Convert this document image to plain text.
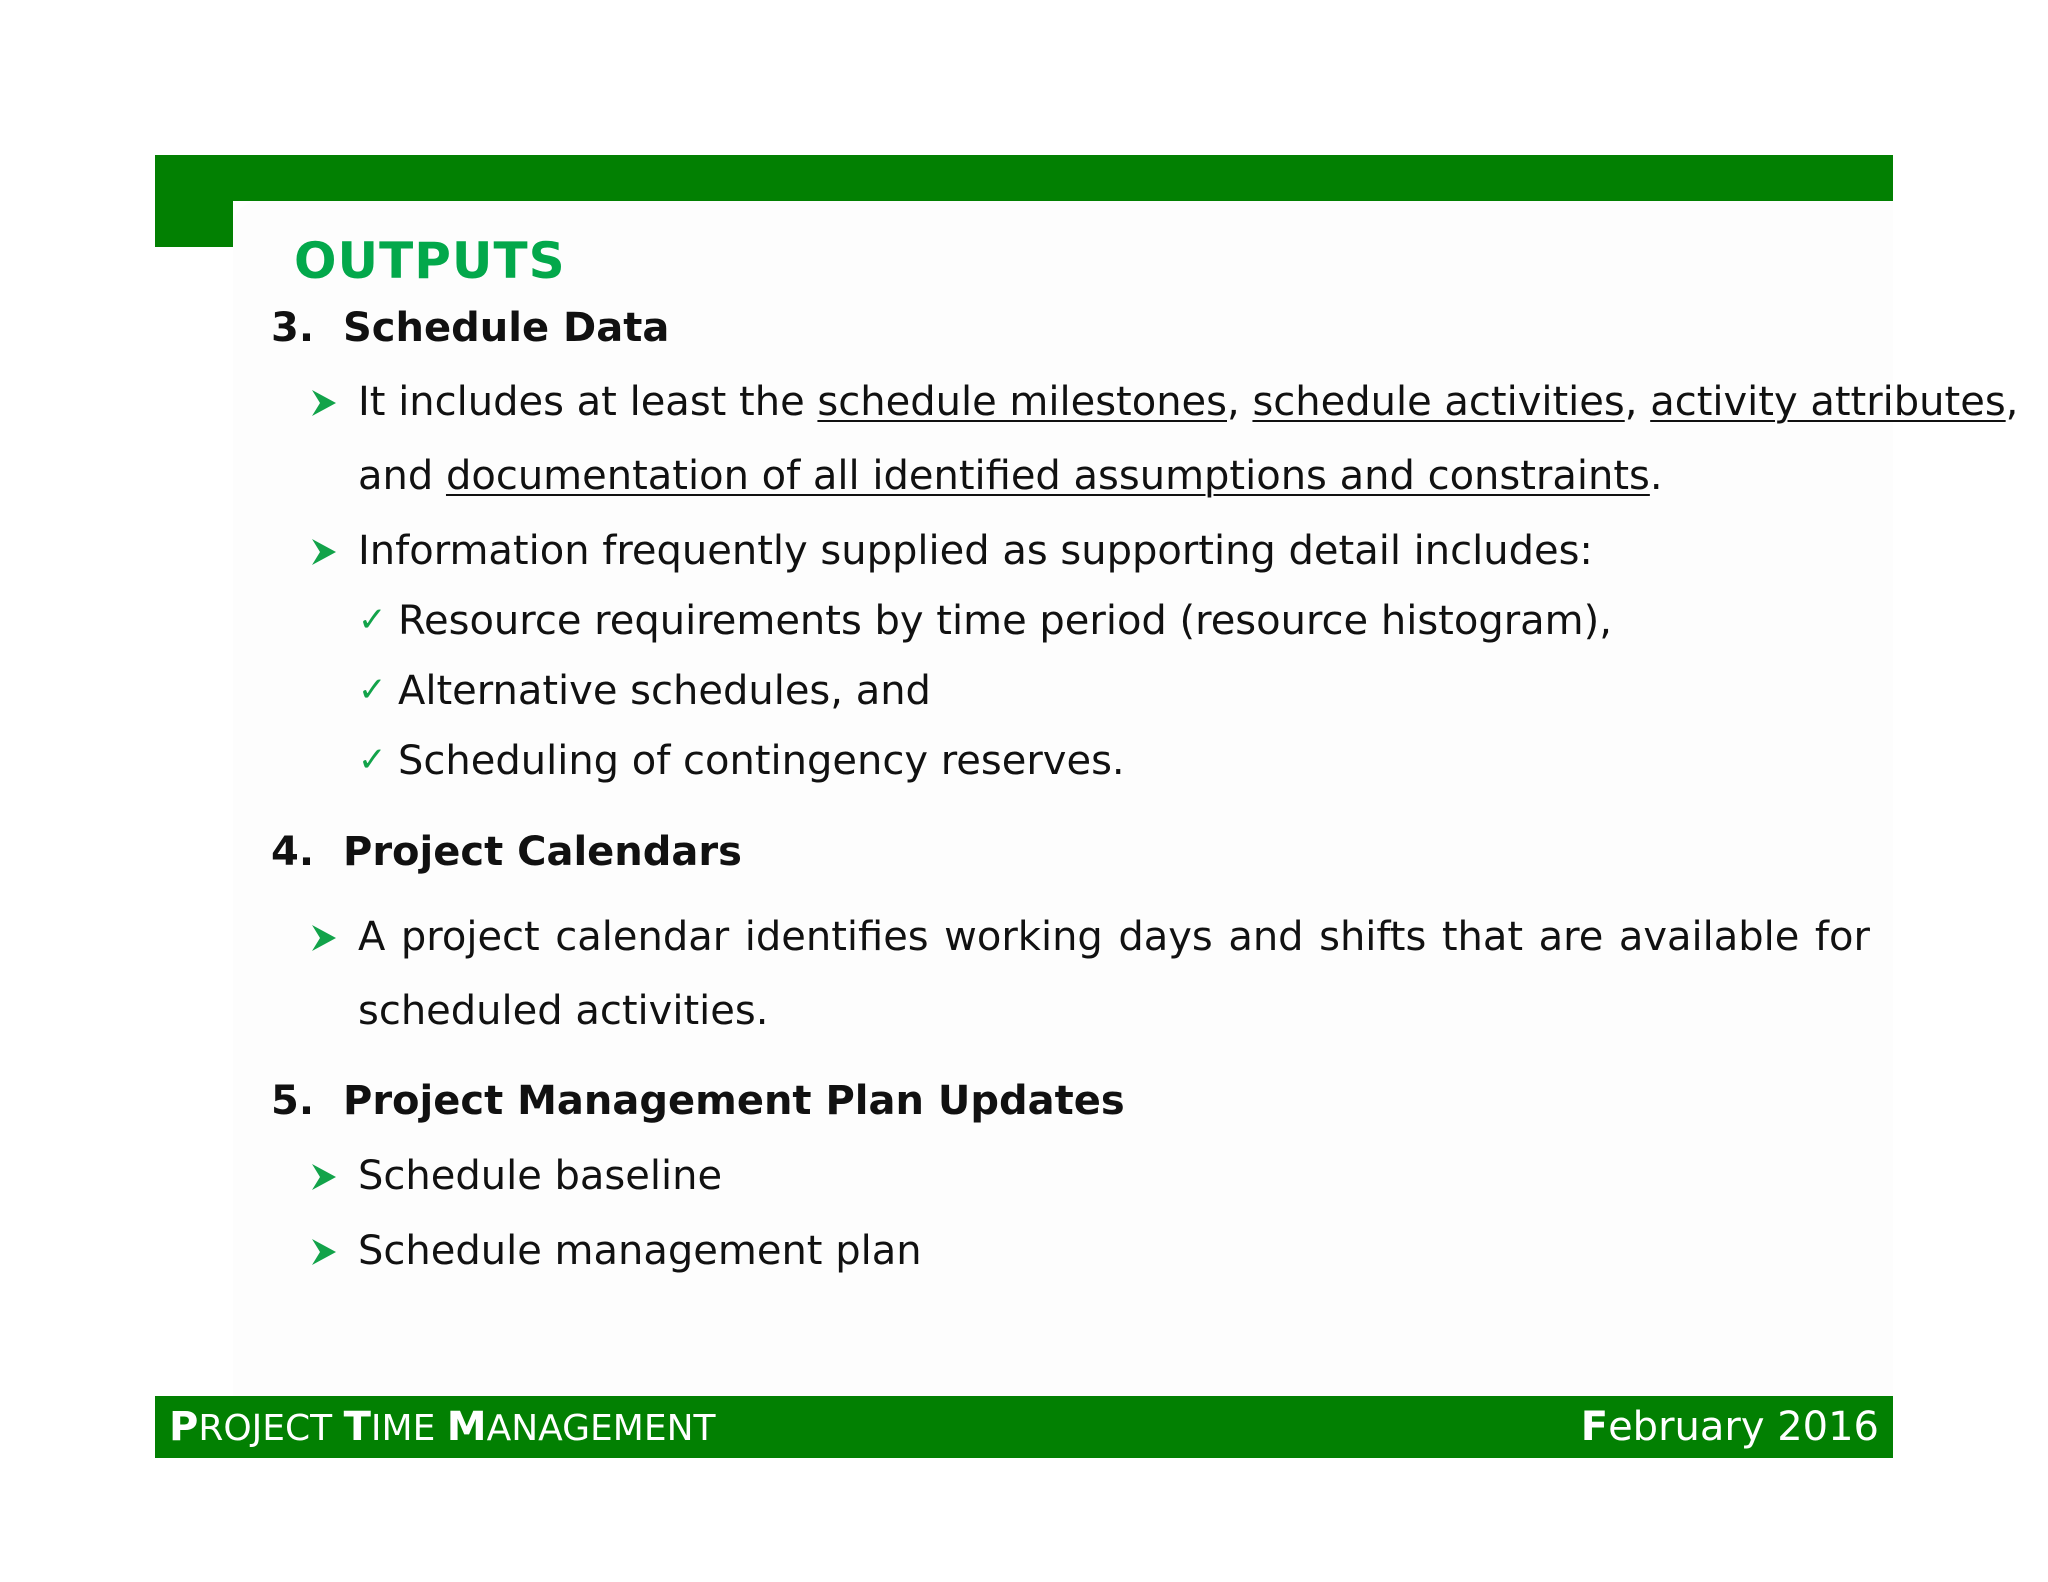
OUTPUTS
3. Schedule Data
It includes at least the schedule milestones, schedule activities, activity attributes,
and documentation of all identified assumptions and constraints.
Information frequently supplied as supporting detail includes:
✓ Resource requirements by time period (resource histogram),
✓ Alternative schedules, and
✓ Scheduling of contingency reserves.
4. Project Calendars
A project calendar identifies working days and shifts that are available for
scheduled activities.
5. Project Management Plan Updates
Schedule baseline
Schedule management plan
PROJECT TIME MANAGEMENT	February 2016
